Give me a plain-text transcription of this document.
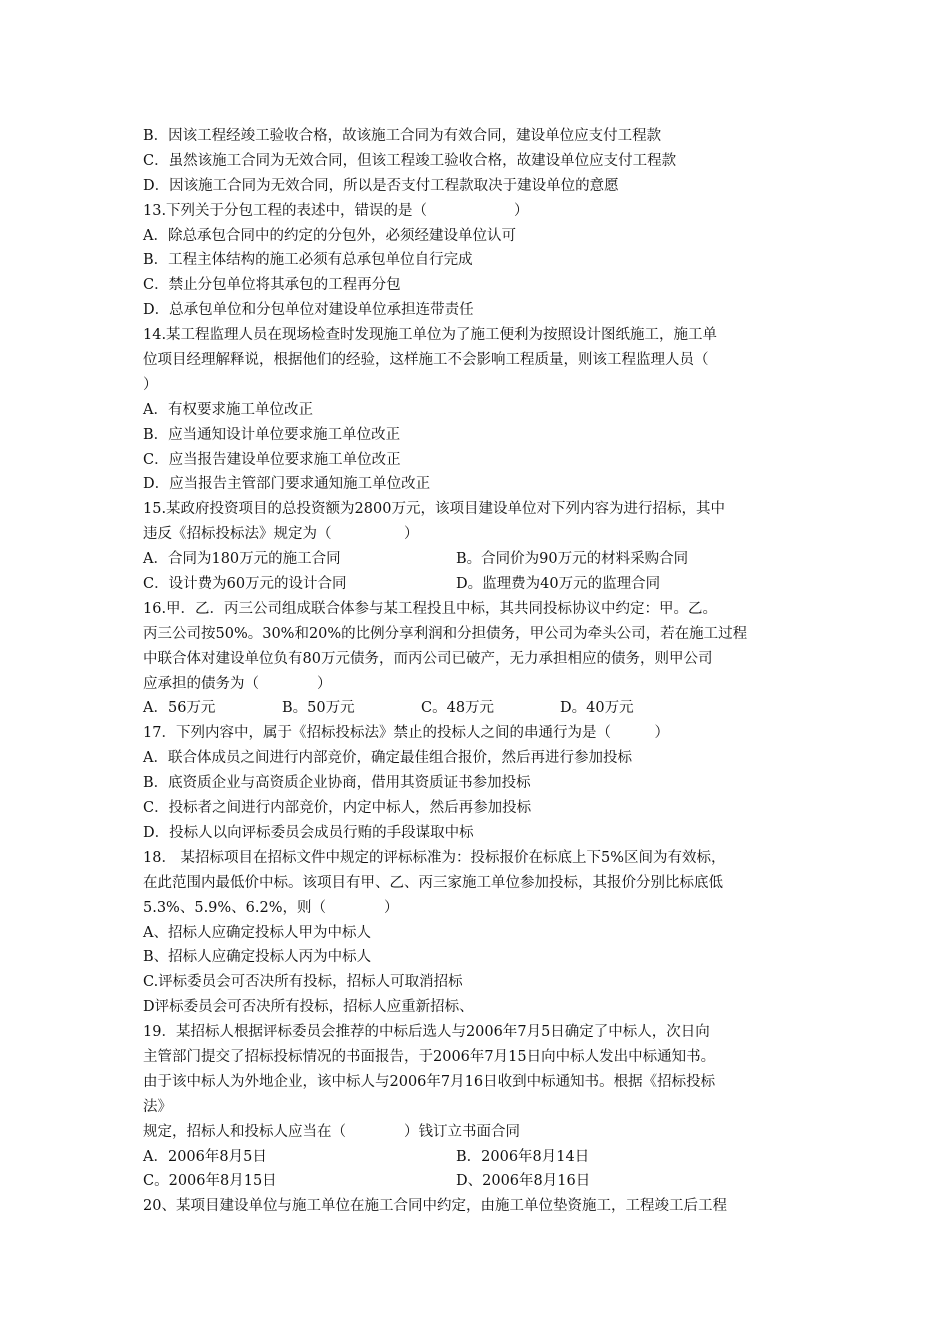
B．因该工程经竣工验收合格，故该施工合同为有效合同，建设单位应支付工程款
C．虽然该施工合同为无效合同，但该工程竣工验收合格，故建设单位应支付工程款
D．因该施工合同为无效合同，所以是否支付工程款取决于建设单位的意愿
13.下列关于分包工程的表述中，错误的是（　　　　　　）
A．除总承包合同中的约定的分包外，必须经建设单位认可
B．工程主体结构的施工必须有总承包单位自行完成
C．禁止分包单位将其承包的工程再分包
D．总承包单位和分包单位对建设单位承担连带责任
14.某工程监理人员在现场检查时发现施工单位为了施工便利为按照设计图纸施工，施工单
位项目经理解释说，根据他们的经验，这样施工不会影响工程质量，则该工程监理人员（
）
A．有权要求施工单位改正
B．应当通知设计单位要求施工单位改正
C．应当报告建设单位要求施工单位改正
D．应当报告主管部门要求通知施工单位改正
15.某政府投资项目的总投资额为2800万元，该项目建设单位对下列内容为进行招标，其中
违反《招标投标法》规定为（　　　　　）
A．合同为180万元的施工合同	B。合同价为90万元的材料采购合同
C．设计费为60万元的设计合同	D。监理费为40万元的监理合同
16.甲．乙．丙三公司组成联合体参与某工程投且中标，其共同投标协议中约定：甲。乙。
丙三公司按50%。30%和20%的比例分享利润和分担债务，甲公司为牵头公司，若在施工过程
中联合体对建设单位负有80万元债务，而丙公司已破产，无力承担相应的债务，则甲公司
应承担的债务为（　　　　）
A．56万元	B。50万元	C。48万元	D。40万元
17．下列内容中，属于《招标投标法》禁止的投标人之间的串通行为是（　　　）
A．联合体成员之间进行内部竞价，确定最佳组合报价，然后再进行参加投标
B．底资质企业与高资质企业协商，借用其资质证书参加投标
C．投标者之间进行内部竞价，内定中标人，然后再参加投标
D．投标人以向评标委员会成员行贿的手段谋取中标
18． 某招标项目在招标文件中规定的评标标准为：投标报价在标底上下5%区间为有效标，
在此范围内最低价中标。该项目有甲、乙、丙三家施工单位参加投标，其报价分别比标底低
5.3%、5.9%、6.2%，则（　　　　）
A、招标人应确定投标人甲为中标人
B、招标人应确定投标人丙为中标人
C.评标委员会可否决所有投标，招标人可取消招标
D评标委员会可否决所有投标，招标人应重新招标、
19．某招标人根据评标委员会推荐的中标后选人与2006年7月5日确定了中标人，次日向
主管部门提交了招标投标情况的书面报告，于2006年7月15日向中标人发出中标通知书。
由于该中标人为外地企业，该中标人与2006年7月16日收到中标通知书。根据《招标投标
法》
规定，招标人和投标人应当在（　　　　）钱订立书面合同
A．2006年8月5日	B．2006年8月14日
C。2006年8月15日	D、2006年8月16日
20、某项目建设单位与施工单位在施工合同中约定，由施工单位垫资施工，工程竣工后工程
